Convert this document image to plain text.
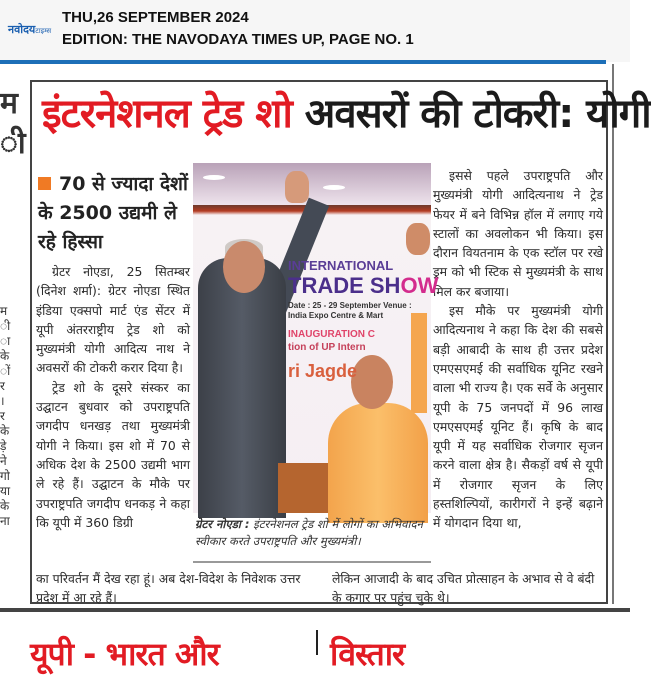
नवोदयटाइम्स
THU,26 SEPTEMBER 2024
EDITION: THE NAVODAYA TIMES UP, PAGE NO. 1
म
ी
म ी ा के ों र । र के ड़े ने गो या के ना
इंटरनेशनल ट्रेड शो अवसरों की टोकरी: योगी
70 से ज्यादा देशों के 2500 उद्यमी ले रहे हिस्सा

ग्रेटर नोएडा, 25 सितम्बर (दिनेश शर्मा): ग्रेटर नोएडा स्थित इंडिया एक्सपो मार्ट एंड सेंटर में यूपी अंतरराष्ट्रीय ट्रेड शो को मुख्यमंत्री योगी आदित्य नाथ ने अवसरों की टोकरी करार दिया है।

ट्रेड शो के दूसरे संस्कर का उद्घाटन बुधवार को उपराष्ट्रपति जगदीप धनखड़ तथा मुख्यमंत्री योगी ने किया। इस शो में 70 से अधिक देश के 2500 उद्यमी भाग ले रहे हैं। उद्घाटन के मौके पर उपराष्ट्रपति जगदीप धनकड़ ने कहा कि यूपी में 360 डिग्री

का परिवर्तन मैं देख रहा हूं। अब देश-विदेश के निवेशक उत्तर प्रदेश में आ रहे हैं।
INTERNATIONAL
TRADE SHOW
Date : 25 - 29 September Venue : India Expo Centre & Mart
INAUGURATION C
tion of UP Intern
ri Jagde
ग्रेटर नोएडा : इंटरनेशनल ट्रेड शो में लोगों का अभिवादन स्वीकार करते उपराष्ट्रपति और मुख्यमंत्री।

इससे पहले उपराष्ट्रपति और मुख्यमंत्री योगी आदित्यनाथ ने ट्रेड फेयर में बने विभिन्न हॉल में लगाए गये स्टालों का अवलोकन भी किया। इस दौरान वियतनाम के एक स्टॉल पर रखे ड्रम को भी स्टिक से मुख्यमंत्री के साथ मिल कर बजाया।

इस मौके पर मुख्यमंत्री योगी आदित्यनाथ ने कहा कि देश की सबसे बड़ी आबादी के साथ ही उत्तर प्रदेश एमएसएमई की सर्वाधिक यूनिट रखने वाला भी राज्य है। एक सर्वे के अनुसार यूपी के 75 जनपदों में 96 लाख एमएसएमई यूनिट हैं। कृषि के बाद यूपी में यह सर्वाधिक रोजगार सृजन करने वाला क्षेत्र है। सैकड़ों वर्ष से यूपी में रोजगार सृजन के लिए हस्तशिल्पियों, कारीगरों ने इन्हें बढ़ाने में योगदान दिया था,

लेकिन आजादी के बाद उचित प्रोत्साहन के अभाव से वे बंदी के कगार पर पहुंच चुके थे।
यूपी - भारत और	विस्तार
